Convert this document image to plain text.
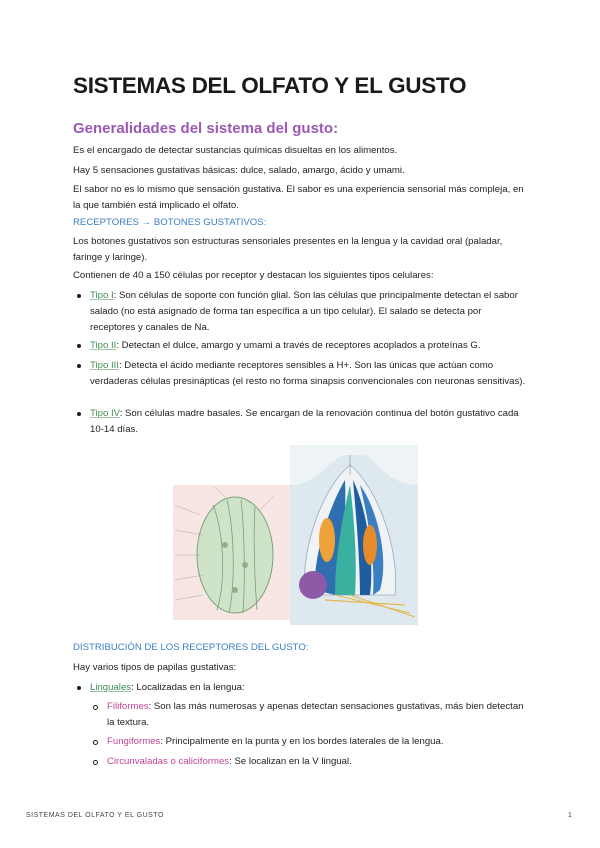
SISTEMAS DEL OLFATO Y EL GUSTO
Generalidades del sistema del gusto:

Es el encargado de detectar sustancias químicas disueltas en los alimentos.

Hay 5 sensaciones gustativas básicas: dulce, salado, amargo, ácido y umami.

El sabor no es lo mismo que sensación gustativa. El sabor es una experiencia sensorial más compleja, en la que también está implicado el olfato.

RECEPTORES → BOTONES GUSTATIVOS:

Los botones gustativos son estructuras sensoriales presentes en la lengua y la cavidad oral (paladar, faringe y laringe).

Contienen de 40 a 150 células por receptor y destacan los siguientes tipos celulares:

Tipo I: Son células de soporte con función glial. Son las células que principalmente detectan el sabor salado (no está asignado de forma tan específica a un tipo celular). El salado se detecta por receptores y canales de Na.
Tipo II: Detectan el dulce, amargo y umami a través de receptores acoplados a proteínas G.
Tipo III: Detecta el ácido mediante receptores sensibles a H+. Son las únicas que actúan como verdaderas células presinápticas (el resto no forma sinapsis convencionales con neuronas sensitivas).
Tipo IV: Son células madre basales. Se encargan de la renovación continua del botón gustativo cada 10-14 días.

DISTRIBUCIÓN DE LOS RECEPTORES DEL GUSTO:

Hay varios tipos de papilas gustativas:

Linguales: Localizadas en la lengua:
Filiformes: Son las más numerosas y apenas detectan sensaciones gustativas, más bien detectan la textura.
Fungiformes: Principalmente en la punta y en los bordes laterales de la lengua.
Circunvaladas o caliciformes: Se localizan en la V lingual.
SISTEMAS DEL OLFATO Y EL GUSTO	1
